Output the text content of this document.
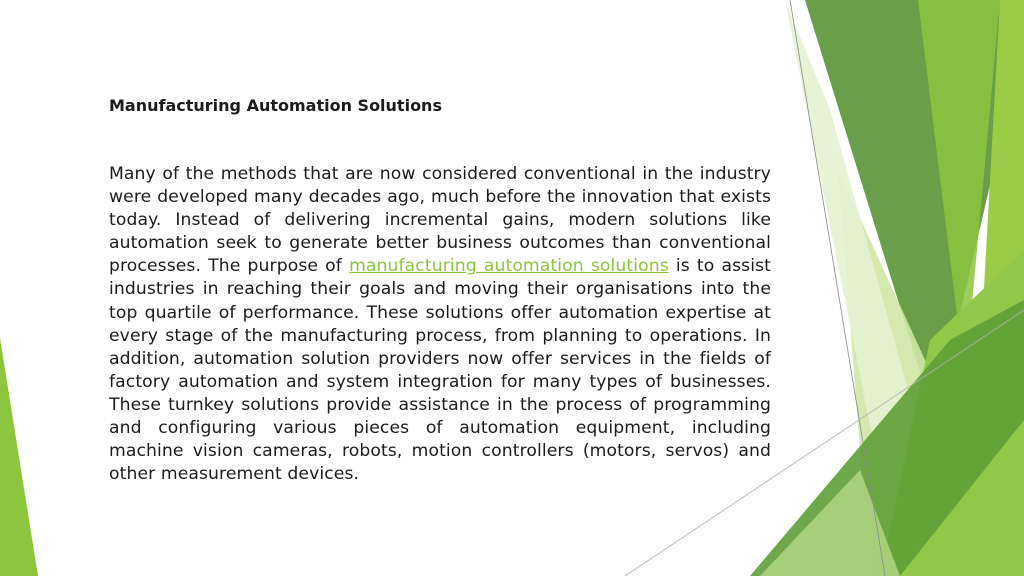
Manufacturing Automation Solutions

Many of the methods that are now considered conventional in the industry were developed many decades ago, much before the innovation that exists today. Instead of delivering incremental gains, modern solutions like automation seek to generate better business outcomes than conventional processes. The purpose of manufacturing automation solutions is to assist industries in reaching their goals and moving their organisations into the top quartile of performance. These solutions offer automation expertise at every stage of the manufacturing process, from planning to operations. In addition, automation solution providers now offer services in the fields of factory automation and system integration for many types of businesses. These turnkey solutions provide assistance in the process of programming and configuring various pieces of automation equipment, including machine vision cameras, robots, motion controllers (motors, servos) and other measurement devices.
